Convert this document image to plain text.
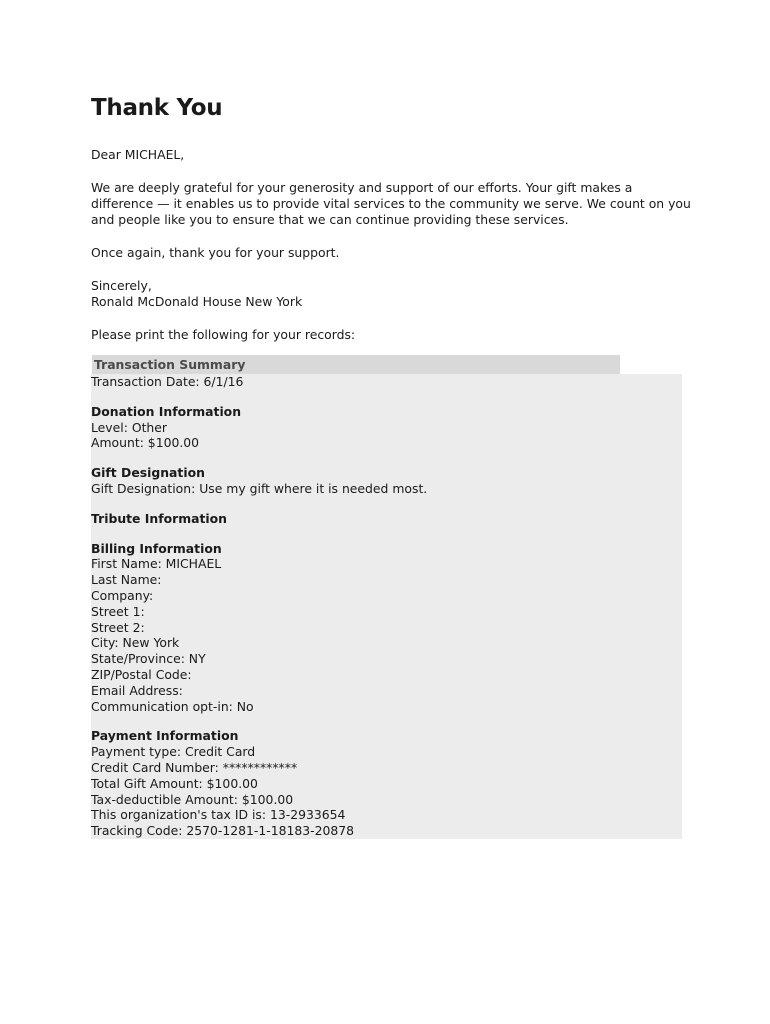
Thank You
Dear MICHAEL,
We are deeply grateful for your generosity and support of our efforts. Your gift makes a difference — it enables us to provide vital services to the community we serve. We count on you and people like you to ensure that we can continue providing these services.
Once again, thank you for your support.
Sincerely,
Ronald McDonald House New York
Please print the following for your records:
Transaction Summary
Transaction Date: 6/1/16
Donation Information
Level: Other
Amount: $100.00
Gift Designation
Gift Designation: Use my gift where it is needed most.
Tribute Information
Billing Information
First Name: MICHAEL
Last Name:
Company:
Street 1:
Street 2:
City: New York
State/Province: NY
ZIP/Postal Code:
Email Address:
Communication opt-in: No
Payment Information
Payment type: Credit Card
Credit Card Number: ************
Total Gift Amount: $100.00
Tax-deductible Amount: $100.00
This organization's tax ID is: 13-2933654
Tracking Code: 2570-1281-1-18183-20878
